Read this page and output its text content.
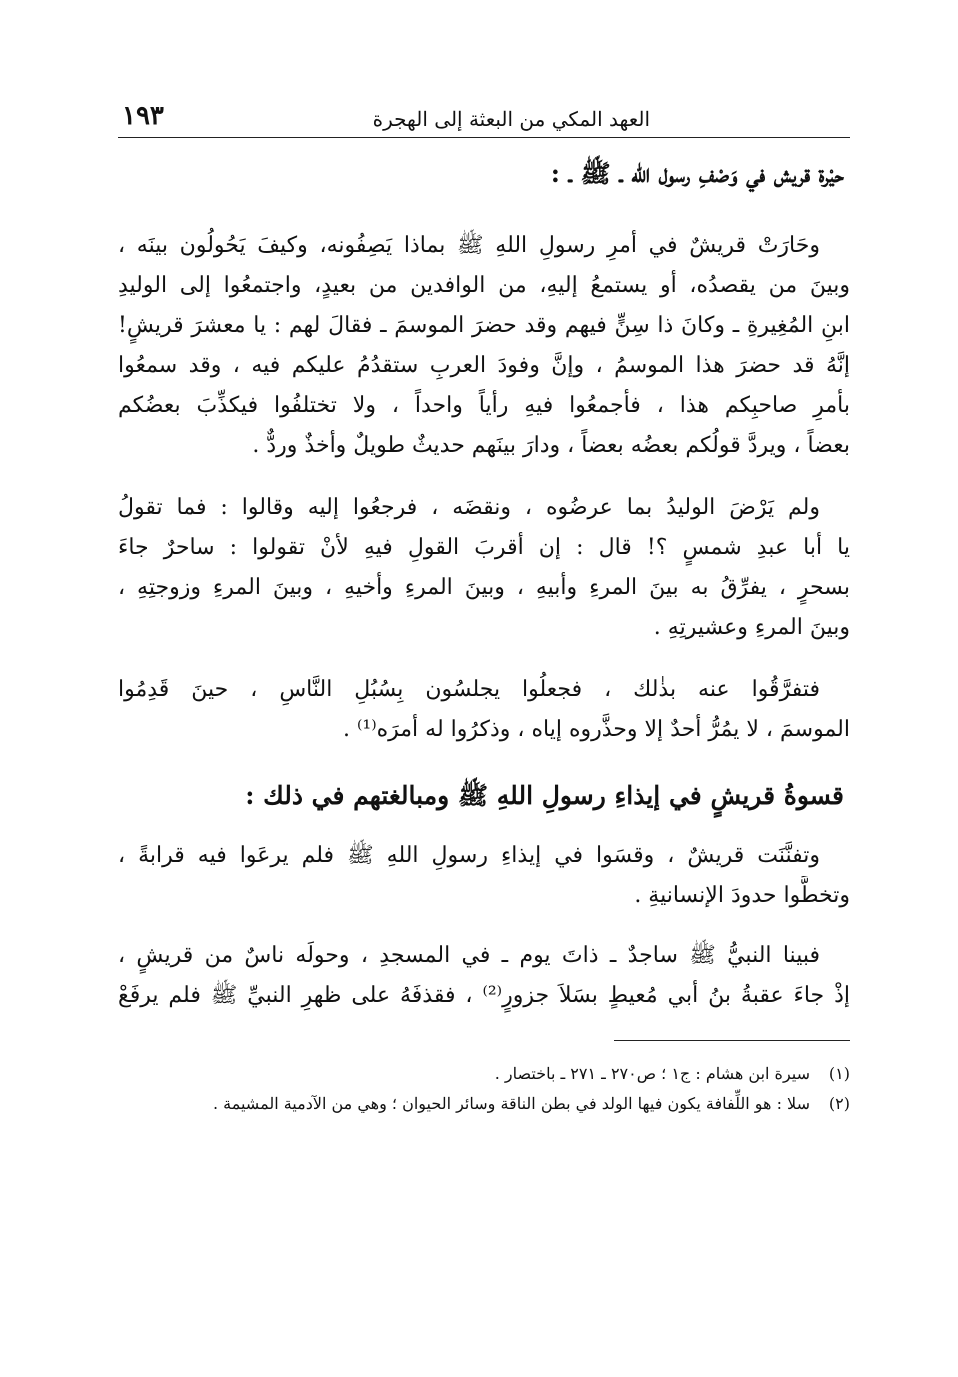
العهد المكي من البعثة إلى الهجرة
١٩٣
حيْرة قريش في وَصْفِ رسول الله ـ ﷺ ـ :
وحَارَتْ قريشٌ في أمرِ رسولِ اللهِ ﷺ بماذا يَصِفُونه، وكيفَ يَحُولُون بينَه ،
وبينَ من يقصدُه، أو يستمعُ إليهِ، من الوافدين من بعيدٍ، واجتمعُوا إلى الوليدِ
ابنِ المُغِيرةِ ـ وكانَ ذا سِنٍّ فيهم وقد حضرَ الموسمَ ـ فقالَ لهم : يا معشرَ قريشٍ!
إنَّهُ قد حضرَ هذا الموسمُ ، وإنَّ وفودَ العربِ ستقدُمُ عليكم فيه ، وقد سمعُوا
بأمرِ صاحبِكم هذا ، فأجمعُوا فيهِ رأياً واحداً ، ولا تختلفُوا فيكذِّبَ بعضُكم
بعضاً ، ويردَّ قولُكم بعضُه بعضاً ، ودارَ بينَهم حديثٌ طويلٌ وأخذٌ وردٌّ .
ولم يَرْضَ الوليدُ بما عرضُوه ، ونقضَه ، فرجعُوا إليه وقالوا : فما تقولُ
يا أبا عبدِ شمسٍ ؟! قال : إن أقربَ القولِ فيهِ لأنْ تقولوا : ساحرٌ جاءَ
بسحرٍ ، يفرِّقُ به بينَ المرءِ وأبيهِ ، وبينَ المرءِ وأخيهِ ، وبينَ المرءِ وزوجتِهِ ،
وبينَ المرءِ وعشيرتِهِ .
فتفرَّقُوا عنه بذٰلك ، فجعلُوا يجلسُون بِسُبُلِ النَّاسِ ، حينَ قَدِمُوا
الموسمَ ، لا يمُرُّ أحدٌ إلا وحذَّروه إياه ، وذكرُوا له أمرَه⁽¹⁾ .
قسوةُ قريشٍ في إيذاءِ رسولِ اللهِ ﷺ ومبالغتهم في ذلك :
وتفنَّنَت قريشٌ ، وقسَوا في إيذاءِ رسولِ اللهِ ﷺ فلم يرعَوا فيه قرابةً ،
وتخطَّوا حدودَ الإنسانيةِ .
فبينا النبيُّ ﷺ ساجدٌ ـ ذاتَ يوم ـ في المسجدِ ، وحولَه ناسٌ من قريشٍ ،
إذْ جاءَ عقبةُ بنُ أبي مُعيطٍ بسَلاَ جزورٍ⁽²⁾ ، فقذفَهُ على ظهرِ النبيِّ ﷺ فلم يرفَعْ
(١)
سيرة ابن هشام : ج١ ؛ ص٢٧٠ ـ ٢٧١ ـ باختصار .
(٢)
سلا : هو اللِّفافة يكون فيها الولد في بطن الناقة وسائر الحيوان ؛ وهي من الآدمية المشيمة .
